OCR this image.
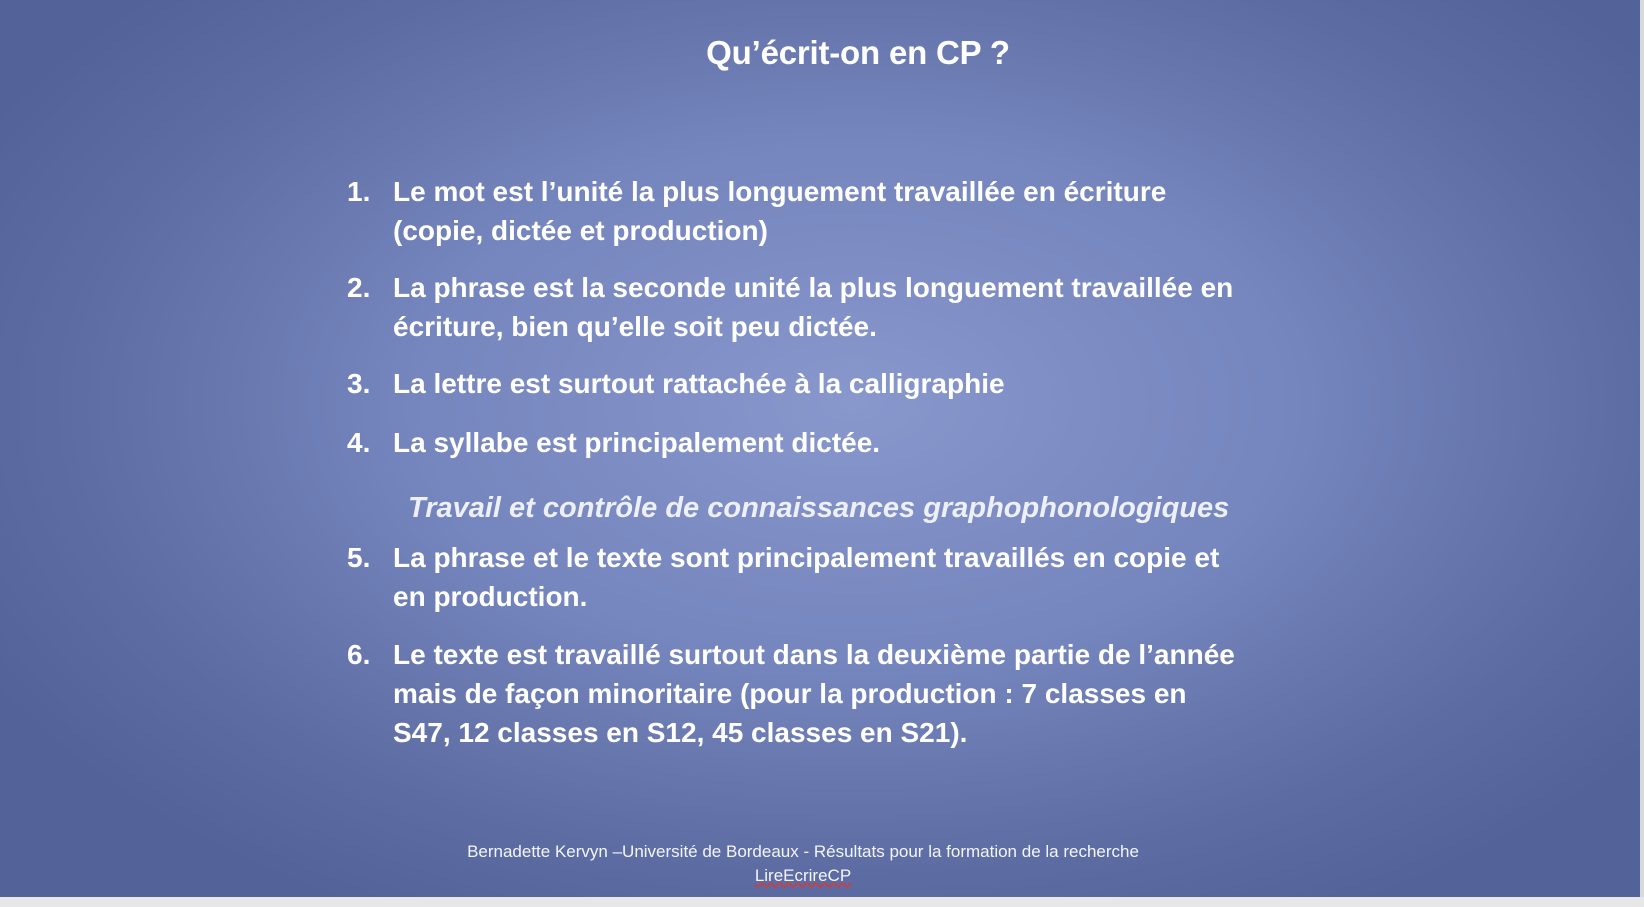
Qu’écrit-on en CP ?
1. Le mot est l’unité la plus longuement travaillée en écriture
(copie, dictée et production)
2. La phrase est la seconde unité la plus longuement travaillée en
écriture, bien qu’elle soit peu dictée.
3. La lettre est surtout rattachée à la calligraphie
4. La syllabe est principalement dictée.
5. La phrase et le texte sont principalement travaillés en copie et
en production.
6. Le texte est travaillé surtout dans la deuxième partie de l’année
mais de façon minoritaire (pour la production : 7 classes en
S47, 12 classes en S12, 45 classes en S21).
Travail et contrôle de connaissances graphophonologiques
Bernadette Kervyn –Université de Bordeaux - Résultats pour la formation de la recherche
LireEcrireCP
